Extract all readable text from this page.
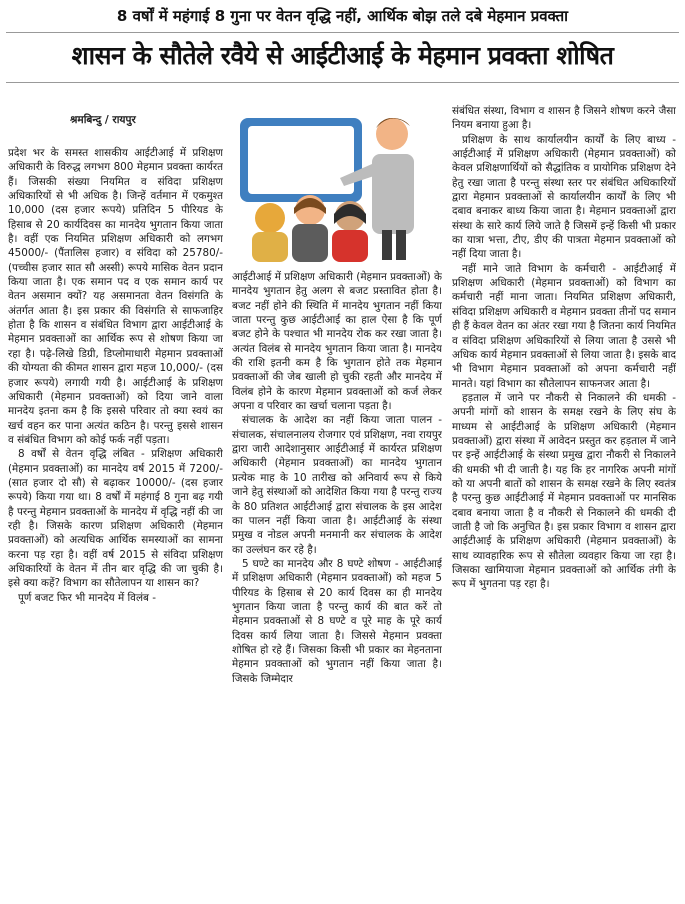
8 वर्षों में महंगाई 8 गुना पर वेतन वृद्धि नहीं, आर्थिक बोझ तले दबे मेहमान प्रवक्ता
शासन के सौतेले रवैये से आईटीआई के मेहमान प्रवक्ता शोषित
श्रमबिन्दु / रायपुर

प्रदेश भर के समस्त शासकीय आईटीआई में प्रशिक्षण अधिकारी के विरुद्ध लगभग 800 मेहमान प्रवक्ता कार्यरत हैं। जिसकी संख्या नियमित व संविदा प्रशिक्षण अधिकारियों से भी अधिक है। जिन्हें वर्तमान में एकमुश्त 10,000 (दस हजार रूपये) प्रतिदिन 5 पीरियड के हिसाब से 20 कार्यदिवस का मानदेय भुगतान किया जाता है। वहीं एक नियमित प्रशिक्षण अधिकारी को लगभग 45000/- (पैंतालिस हजार) व संविदा को 25780/- (पच्चीस हजार सात सौ अस्सी) रूपये मासिक वेतन प्रदान किया जाता है। एक समान पद व एक समान कार्य पर वेतन असमान क्यों? यह असमानता वेतन विसंगति के अंतर्गत आता है। इस प्रकार की विसंगति से साफजाहिर होता है कि शासन व संबंधित विभाग द्वारा आईटीआई के मेहमान प्रवक्ताओं का आर्थिक रूप से शोषण किया जा रहा है। पढ़े-लिखे डिग्री, डिप्लोमाधारी मेहमान प्रवक्ताओं की योग्यता की कीमत शासन द्वारा महज 10,000/- (दस हजार रूपये) लगायी गयी है। आईटीआई के प्रशिक्षण अधिकारी (मेहमान प्रवक्ताओं) को दिया जाने वाला मानदेय इतना कम है कि इससे परिवार तो क्या स्वयं का खर्च वहन कर पाना अत्यंत कठिन है। परन्तु इससे शासन व संबंधित विभाग को कोई फर्क नहीं पड़ता।

8 वर्षों से वेतन वृद्धि लंबित - प्रशिक्षण अधिकारी (मेहमान प्रवक्ताओं) का मानदेय वर्ष 2015 में 7200/-(सात हजार दो सौ) से बढ़ाकर 10000/- (दस हजार रूपये) किया गया था। 8 वर्षों में महंगाई 8 गुना बढ़ गयी है परन्तु मेहमान प्रवक्ताओं के मानदेय में वृद्धि नहीं की जा रही है। जिसके कारण प्रशिक्षण अधिकारी (मेहमान प्रवक्ताओं) को अत्यधिक आर्थिक समस्याओं का सामना करना पड़ रहा है। वहीं वर्ष 2015 से संविदा प्रशिक्षण अधिकारियों के वेतन में तीन बार वृद्धि की जा चुकी है। इसे क्या कहें? विभाग का सौतेलापन या शासन का?

पूर्ण बजट फिर भी मानदेय में विलंब -

आईटीआई में प्रशिक्षण अधिकारी (मेहमान प्रवक्ताओं) के मानदेय भुगतान हेतु अलग से बजट प्रस्तावित होता है। बजट नहीं होने की स्थिति में मानदेय भुगतान नहीं किया जाता परन्तु कुछ आईटीआई का हाल ऐसा है कि पूर्ण बजट होने के पश्चात भी मानदेय रोक कर रखा जाता है। अत्यंत विलंब से मानदेय भुगतान किया जाता है। मानदेय की राशि इतनी कम है कि भुगतान होते तक मेहमान प्रवक्ताओं की जेब खाली हो चुकी रहती और मानदेय में विलंब होने के कारण मेहमान प्रवक्ताओं को कर्ज लेकर अपना व परिवार का खर्चा चलाना पड़ता है।

संचालक के आदेश का नहीं किया जाता पालन - संचालक, संचालनालय रोजगार एवं प्रशिक्षण, नवा रायपुर द्वारा जारी आदेशानुसार आईटीआई में कार्यरत प्रशिक्षण अधिकारी (मेहमान प्रवक्ताओं) का मानदेय भुगतान प्रत्येक माह के 10 तारीख को अनिवार्य रूप से किये जाने हेतु संस्थाओं को आदेशित किया गया है परन्तु राज्य के 80 प्रतिशत आईटीआई द्वारा संचालक के इस आदेश का पालन नहीं किया जाता है। आईटीआई के संस्था प्रमुख व नोडल अपनी मनमानी कर संचालक के आदेश का उल्लंघन कर रहे है।

5 घण्टे का मानदेय और 8 घण्टे शोषण - आईटीआई में प्रशिक्षण अधिकारी (मेहमान प्रवक्ताओं) को महज 5 पीरियड के हिसाब से 20 कार्य दिवस का ही मानदेय भुगतान किया जाता है परन्तु कार्य की बात करें तो मेहमान प्रवक्ताओं से 8 घण्टे व पूरे माह के पूरे कार्य दिवस कार्य लिया जाता है। जिससे मेहमान प्रवक्ता शोषित हो रहे हैं। जिसका किसी भी प्रकार का मेहनताना मेहमान प्रवक्ताओं को भुगतान नहीं किया जाता है। जिसके जिम्मेदार

संबंधित संस्था, विभाग व शासन है जिसने शोषण करने जैसा नियम बनाया हुआ है।

प्रशिक्षण के साथ कार्यालयीन कार्यों के लिए बाध्य - आईटीआई में प्रशिक्षण अधिकारी (मेहमान प्रवक्ताओं) को केवल प्रशिक्षणार्थियों को सैद्धांतिक व प्रायोगिक प्रशिक्षण देने हेतु रखा जाता है परन्तु संस्था स्तर पर संबंधित अधिकारियों द्वारा मेहमान प्रवक्ताओं से कार्यालयीन कार्यों के लिए भी दबाव बनाकर बाध्य किया जाता है। मेहमान प्रवक्ताओं द्वारा संस्था के सारे कार्य लिये जाते है जिसमें इन्हें किसी भी प्रकार का यात्रा भत्ता, टीए, डीए की पात्रता मेहमान प्रवक्ताओं को नहीं दिया जाता है।

नहीं माने जाते विभाग के कर्मचारी - आईटीआई में प्रशिक्षण अधिकारी (मेहमान प्रवक्ताओं) को विभाग का कर्मचारी नहीं माना जाता। नियमित प्रशिक्षण अधिकारी, संविदा प्रशिक्षण अधिकारी व मेहमान प्रवक्ता तीनों पद समान ही हैं केवल वेतन का अंतर रखा गया है जितना कार्य नियमित व संविदा प्रशिक्षण अधिकारियों से लिया जाता है उससे भी अधिक कार्य मेहमान प्रवक्ताओं से लिया जाता है। इसके बाद भी विभाग मेहमान प्रवक्ताओं को अपना कर्मचारी नहीं मानते। यहां विभाग का सौतेलापन साफनजर आता है।

हड़ताल में जाने पर नौकरी से निकालने की धमकी - अपनी मांगों को शासन के समक्ष रखने के लिए संघ के माध्यम से आईटीआई के प्रशिक्षण अधिकारी (मेहमान प्रवक्ताओं) द्वारा संस्था में आवेदन प्रस्तुत कर हड़ताल में जाने पर इन्हें आईटीआई के संस्था प्रमुख द्वारा नौकरी से निकालने की धमकी भी दी जाती है। यह कि हर नागरिक अपनी मांगों को या अपनी बातों को शासन के समक्ष रखने के लिए स्वतंत्र है परन्तु कुछ आईटीआई में मेहमान प्रवक्ताओं पर मानसिक दबाव बनाया जाता है व नौकरी से निकालने की धमकी दी जाती है जो कि अनुचित है। इस प्रकार विभाग व शासन द्वारा आईटीआई के प्रशिक्षण अधिकारी (मेहमान प्रवक्ताओं) के साथ व्यावहारिक रूप से सौतेला व्यवहार किया जा रहा है। जिसका खामियाजा मेहमान प्रवक्ताओं को आर्थिक तंगी के रूप में भुगतना पड़ रहा है।
